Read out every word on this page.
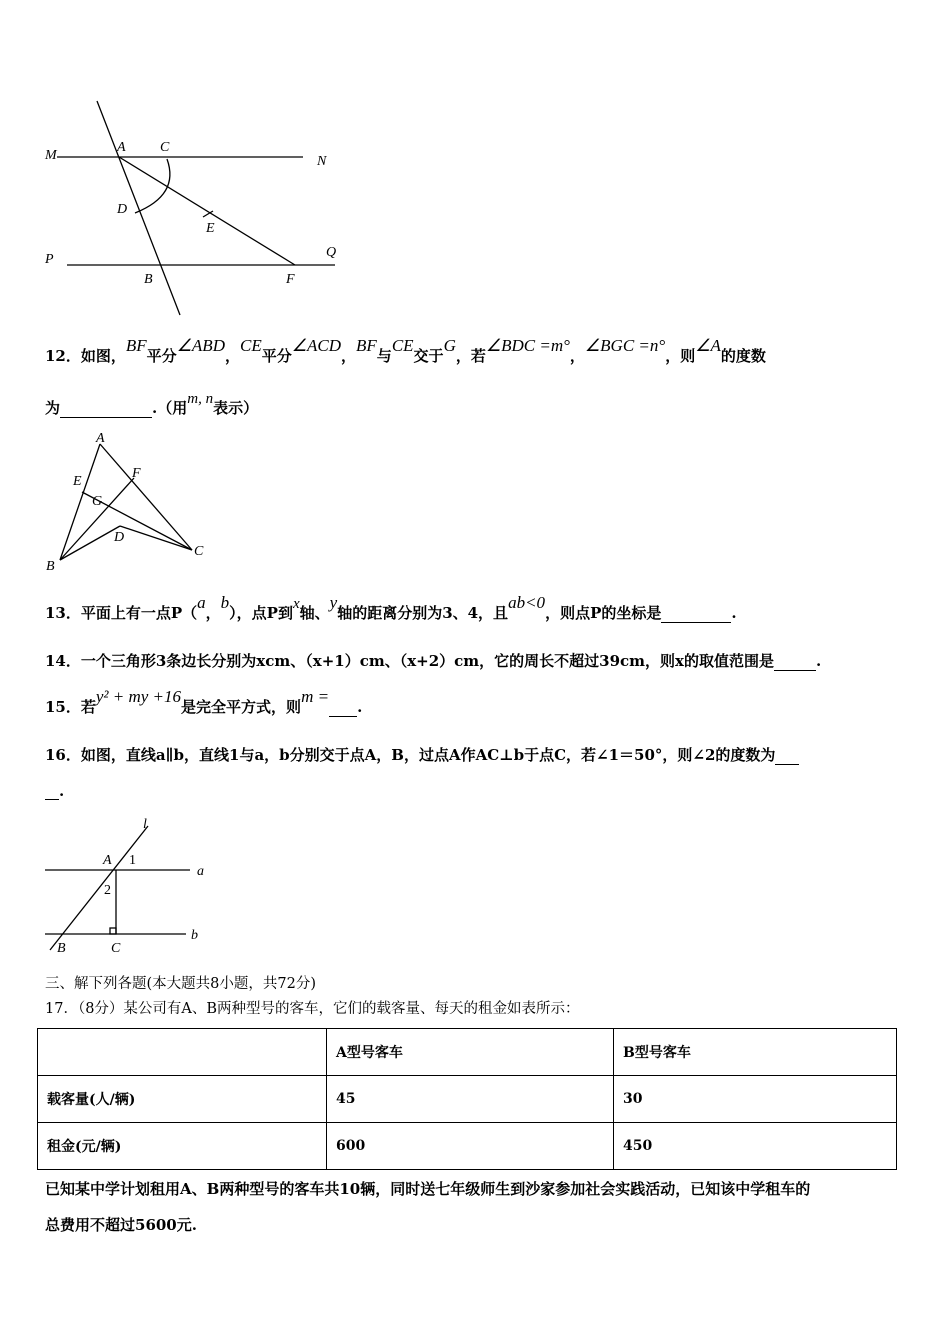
M	N
A C
D
E
P	Q
B	F
12．如图，BF平分∠ABD，CE平分∠ACD，BF与CE交于G，若∠BDC =m°，∠BGC =n°，则∠A的度数
为	.（用m, n表示）
A
E
F
G
D
B
C
13．平面上有一点P（a，b），点P到x轴、y轴的距离分别为3、4，且ab<0，则点P的坐标是	.
14．一个三角形3条边长分别为xcm、（x+1）cm、（x+2）cm，它的周长不超过39cm，则x的取值范围是	.
15．若y² + my +16是完全平方式，则m =.
16．如图，直线a∥b，直线1与a，b分别交于点A，B，过点A作AC⊥b于点C，若∠1＝50°，则∠2的度数为
.
l
A 1
a
2
B	C
b
三、解下列各题(本大题共8小题，共72分)
17．（8分）某公司有A、B两种型号的客车，它们的载客量、每天的租金如表所示：
	A型号客车	B型号客车
载客量(人/辆)	45	30
租金(元/辆)	600	450
已知某中学计划租用A、B两种型号的客车共10辆，同时送七年级师生到沙家参加社会实践活动，已知该中学租车的
总费用不超过5600元.
